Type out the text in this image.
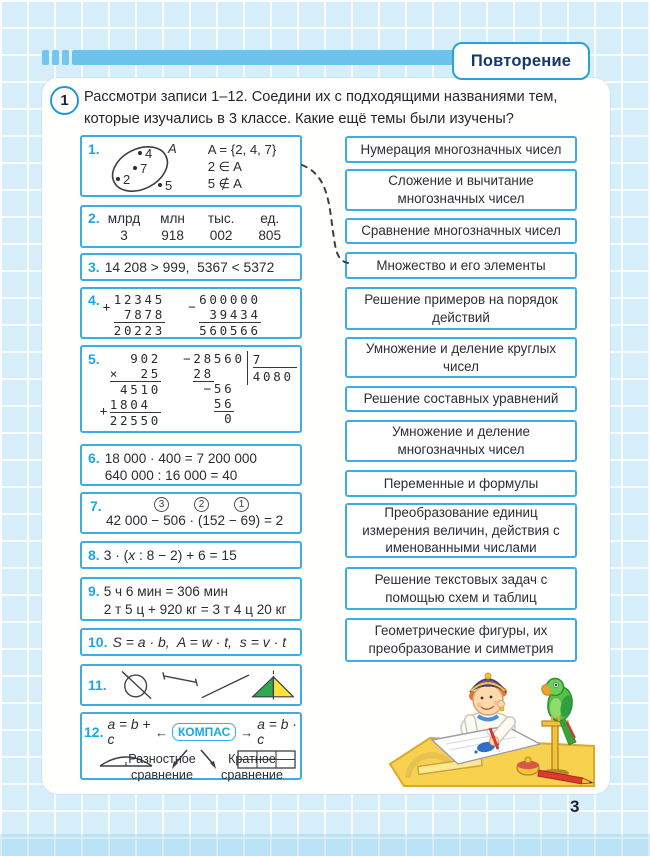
Повторение
1 Рассмотри записи 1–12. Соедини их с подходящими названиями тем, которые изучались в 3 классе. Какие ещё темы были изучены?
1.	4
7
2	5
A A = {2, 4, 7}
2 ∈ A
5 ∉ A
2. млрд	млн	тыс.	ед.
3	918	002	805
3. 14 208 > 999,  5367 < 5372
4. + 12345
7878
20223
− 600000
39434
560566
5. 902
×  25
4510
+ 1804
22550
−28560
28
−56
56
0
7
4080
6. 18 000 · 400 = 7 200 000
640 000 : 16 000 = 40
7.	3	2	1
42 000 − 506 · (152 − 69) = 2
8. 3 · (x : 8 − 2) + 6 = 15
9. 5 ч 6 мин = 306 мин
2 т 5 ц + 920 кг = 3 т 4 ц 20 кг
10. S = a · b,  A = w · t,  s = v · t
11.
12. a = b + c	← КОМПАС → a = b · c
Разностное
сравнение
Кратное
сравнение
Нумерация многозначных чисел
Сложение и вычитание многозначных чисел
Сравнение многозначных чисел
Множество и его элементы
Решение примеров на порядок действий
Умножение и деление круглых чисел
Решение составных уравнений
Умножение и деление многозначных чисел
Переменные и формулы
Преобразование единиц измерения величин, действия с именованными числами
Решение текстовых задач с помощью схем и таблиц
Геометрические фигуры, их преобразование и симметрия
3
